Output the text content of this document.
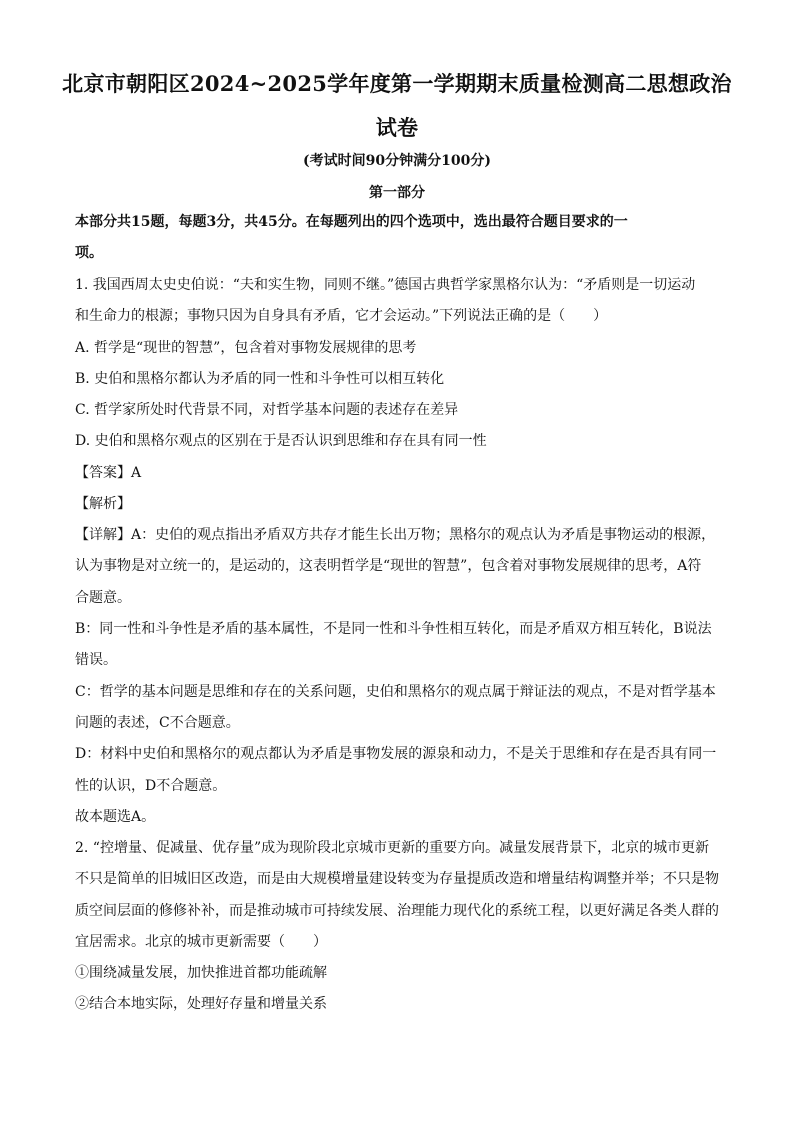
北京市朝阳区2024~2025学年度第一学期期末质量检测高二思想政治
试卷
(考试时间90分钟满分100分)
第一部分
本部分共15题，每题3分，共45分。在每题列出的四个选项中，选出最符合题目要求的一
项。
1. 我国西周太史史伯说：“夫和实生物，同则不继。”德国古典哲学家黑格尔认为：“矛盾则是一切运动
和生命力的根源；事物只因为自身具有矛盾，它才会运动。”下列说法正确的是（　　）
A. 哲学是“现世的智慧”，包含着对事物发展规律的思考
B. 史伯和黑格尔都认为矛盾的同一性和斗争性可以相互转化
C. 哲学家所处时代背景不同，对哲学基本问题的表述存在差异
D. 史伯和黑格尔观点的区别在于是否认识到思维和存在具有同一性
【答案】A
【解析】
【详解】A：史伯的观点指出矛盾双方共存才能生长出万物；黑格尔的观点认为矛盾是事物运动的根源，
认为事物是对立统一的，是运动的，这表明哲学是“现世的智慧”，包含着对事物发展规律的思考，A符
合题意。
B：同一性和斗争性是矛盾的基本属性，不是同一性和斗争性相互转化，而是矛盾双方相互转化，B说法
错误。
C：哲学的基本问题是思维和存在的关系问题，史伯和黑格尔的观点属于辩证法的观点，不是对哲学基本
问题的表述，C不合题意。
D：材料中史伯和黑格尔的观点都认为矛盾是事物发展的源泉和动力，不是关于思维和存在是否具有同一
性的认识，D不合题意。
故本题选A。
2. “控增量、促减量、优存量”成为现阶段北京城市更新的重要方向。减量发展背景下，北京的城市更新
不只是简单的旧城旧区改造，而是由大规模增量建设转变为存量提质改造和增量结构调整并举；不只是物
质空间层面的修修补补，而是推动城市可持续发展、治理能力现代化的系统工程，以更好满足各类人群的
宜居需求。北京的城市更新需要（　　）
①围绕减量发展，加快推进首都功能疏解
②结合本地实际，处理好存量和增量关系
